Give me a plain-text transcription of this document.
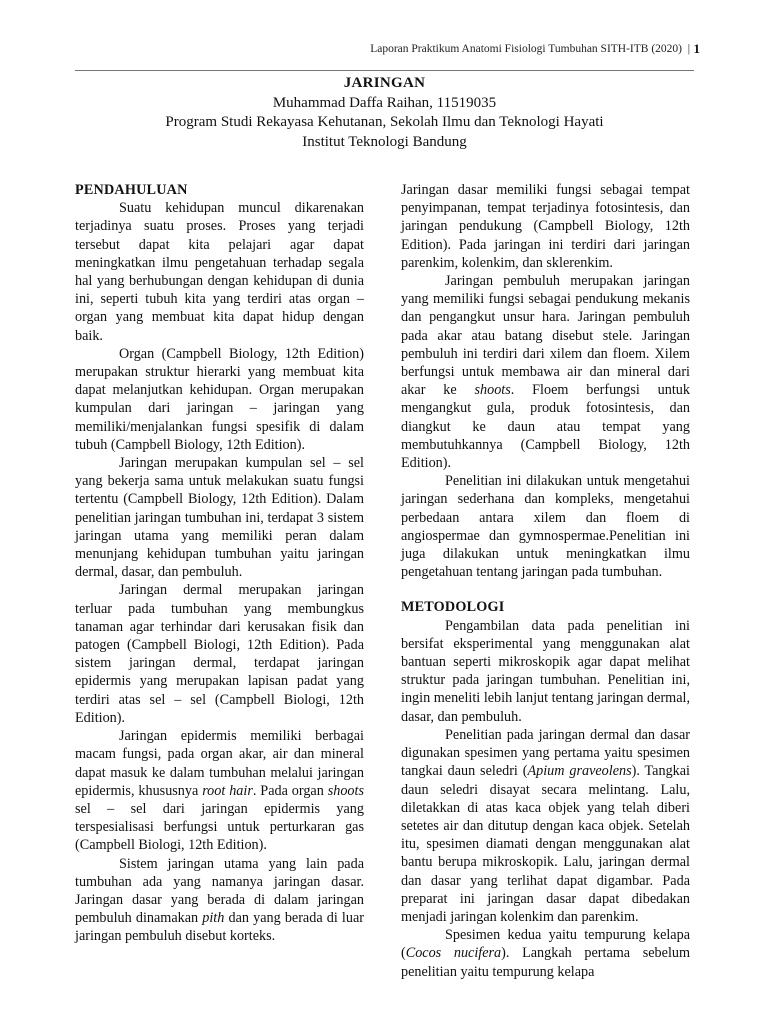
Laporan Praktikum Anatomi Fisiologi Tumbuhan SITH-ITB (2020) | 1
JARINGAN
Muhammad Daffa Raihan, 11519035
Program Studi Rekayasa Kehutanan, Sekolah Ilmu dan Teknologi Hayati
Institut Teknologi Bandung
PENDAHULUAN

Suatu kehidupan muncul dikarenakan terjadinya suatu proses. Proses yang terjadi tersebut dapat kita pelajari agar dapat meningkatkan ilmu pengetahuan terhadap segala hal yang berhubungan dengan kehidupan di dunia ini, seperti tubuh kita yang terdiri atas organ – organ yang membuat kita dapat hidup dengan baik.

Organ (Campbell Biology, 12th Edition) merupakan struktur hierarki yang membuat kita dapat melanjutkan kehidupan. Organ merupakan kumpulan dari jaringan – jaringan yang memiliki/menjalankan fungsi spesifik di dalam tubuh (Campbell Biology, 12th Edition).

Jaringan merupakan kumpulan sel – sel yang bekerja sama untuk melakukan suatu fungsi tertentu (Campbell Biology, 12th Edition). Dalam penelitian jaringan tumbuhan ini, terdapat 3 sistem jaringan utama yang memiliki peran dalam menunjang kehidupan tumbuhan yaitu jaringan dermal, dasar, dan pembuluh.

Jaringan dermal merupakan jaringan terluar pada tumbuhan yang membungkus tanaman agar terhindar dari kerusakan fisik dan patogen (Campbell Biologi, 12th Edition). Pada sistem jaringan dermal, terdapat jaringan epidermis yang merupakan lapisan padat yang terdiri atas sel – sel (Campbell Biologi, 12th Edition).

Jaringan epidermis memiliki berbagai macam fungsi, pada organ akar, air dan mineral dapat masuk ke dalam tumbuhan melalui jaringan epidermis, khususnya root hair. Pada organ shoots sel – sel dari jaringan epidermis yang terspesialisasi berfungsi untuk perturkaran gas (Campbell Biologi, 12th Edition).

Sistem jaringan utama yang lain pada tumbuhan ada yang namanya jaringan dasar. Jaringan dasar yang berada di dalam jaringan pembuluh dinamakan pith dan yang berada di luar jaringan pembuluh disebut korteks.

Jaringan dasar memiliki fungsi sebagai tempat penyimpanan, tempat terjadinya fotosintesis, dan jaringan pendukung (Campbell Biology, 12th Edition). Pada jaringan ini terdiri dari jaringan parenkim, kolenkim, dan sklerenkim.

Jaringan pembuluh merupakan jaringan yang memiliki fungsi sebagai pendukung mekanis dan pengangkut unsur hara. Jaringan pembuluh pada akar atau batang disebut stele. Jaringan pembuluh ini terdiri dari xilem dan floem. Xilem berfungsi untuk membawa air dan mineral dari akar ke shoots. Floem berfungsi untuk mengangkut gula, produk fotosintesis, dan diangkut ke daun atau tempat yang membutuhkannya (Campbell Biology, 12th Edition).

Penelitian ini dilakukan untuk mengetahui jaringan sederhana dan kompleks, mengetahui perbedaan antara xilem dan floem di angiospermae dan gymnospermae.Penelitian ini juga dilakukan untuk meningkatkan ilmu pengetahuan tentang jaringan pada tumbuhan.

METODOLOGI

Pengambilan data pada penelitian ini bersifat eksperimental yang menggunakan alat bantuan seperti mikroskopik agar dapat melihat struktur pada jaringan tumbuhan. Penelitian ini, ingin meneliti lebih lanjut tentang jaringan dermal, dasar, dan pembuluh.

Penelitian pada jaringan dermal dan dasar digunakan spesimen yang pertama yaitu spesimen tangkai daun seledri (Apium graveolens). Tangkai daun seledri disayat secara melintang. Lalu, diletakkan di atas kaca objek yang telah diberi setetes air dan ditutup dengan kaca objek. Setelah itu, spesimen diamati dengan menggunakan alat bantu berupa mikroskopik. Lalu, jaringan dermal dan dasar yang terlihat dapat digambar. Pada preparat ini jaringan dasar dapat dibedakan menjadi jaringan kolenkim dan parenkim.

Spesimen kedua yaitu tempurung kelapa (Cocos nucifera). Langkah pertama sebelum penelitian yaitu tempurung kelapa
